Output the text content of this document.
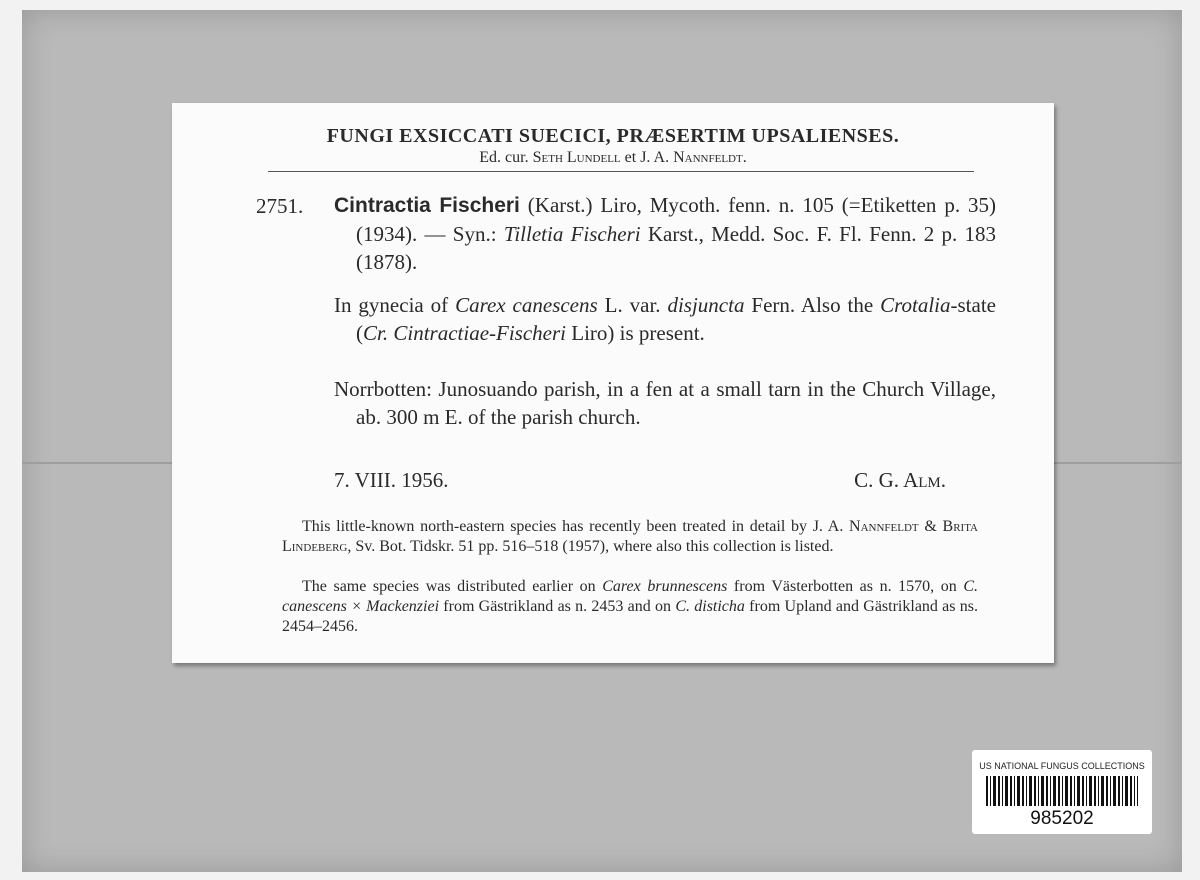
FUNGI EXSICCATI SUECICI, PRÆSERTIM UPSALIENSES.
Ed. cur. Seth Lundell et J. A. Nannfeldt.
2751. Cintractia Fischeri (Karst.) Liro, Mycoth. fenn. n. 105 (=Etiketten p. 35) (1934). — Syn.: Tilletia Fischeri Karst., Medd. Soc. F. Fl. Fenn. 2 p. 183 (1878).
In gynecia of Carex canescens L. var. disjuncta Fern. Also the Crotalia-state (Cr. Cintractiae-Fischeri Liro) is present.
Norrbotten: Junosuando parish, in a fen at a small tarn in the Church Village, ab. 300 m E. of the parish church.
7. VIII. 1956.	C. G. Alm.
This little-known north-eastern species has recently been treated in detail by J. A. Nannfeldt & Brita Lindeberg, Sv. Bot. Tidskr. 51 pp. 516–518 (1957), where also this collection is listed.
The same species was distributed earlier on Carex brunnescens from Västerbotten as n. 1570, on C. canescens × Mackenziei from Gästrikland as n. 2453 and on C. disticha from Upland and Gästrikland as ns. 2454–2456.
US NATIONAL FUNGUS COLLECTIONS
985202
